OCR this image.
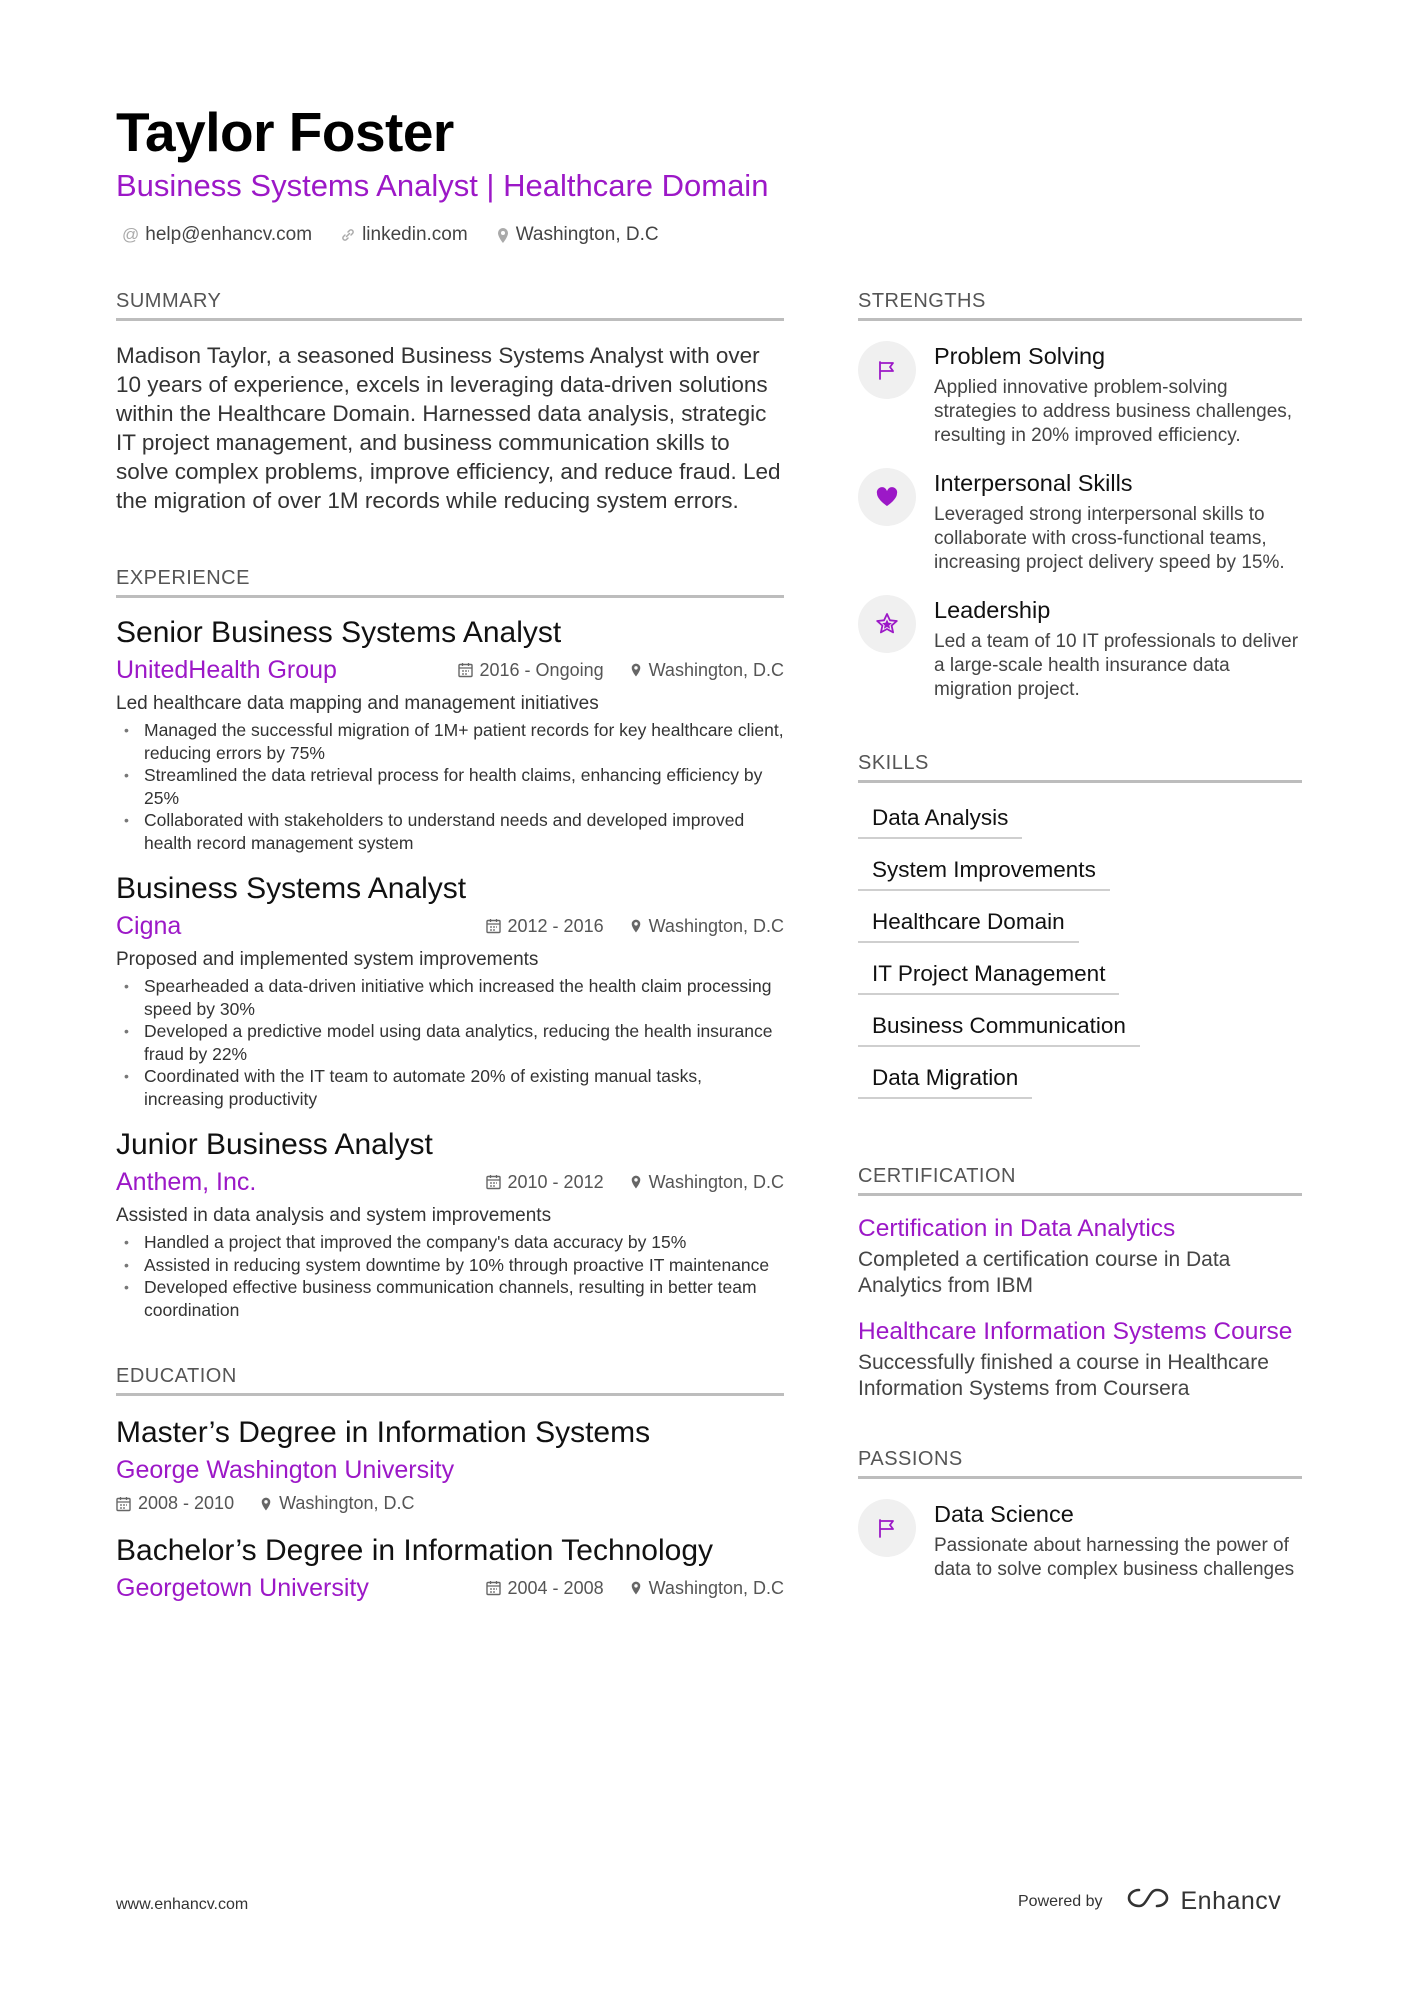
Taylor Foster
Business Systems Analyst | Healthcare Domain
@ help@enhancv.com	linkedin.com	Washington, D.C
SUMMARY
Madison Taylor, a seasoned Business Systems Analyst with over 10 years of experience, excels in leveraging data-driven solutions within the Healthcare Domain. Harnessed data analysis, strategic IT project management, and business communication skills to solve complex problems, improve efficiency, and reduce fraud. Led the migration of over 1M records while reducing system errors.
EXPERIENCE
Senior Business Systems Analyst
UnitedHealth Group	2016 - Ongoing	Washington, D.C
Led healthcare data mapping and management initiatives
• Managed the successful migration of 1M+ patient records for key healthcare client, reducing errors by 75%
• Streamlined the data retrieval process for health claims, enhancing efficiency by 25%
• Collaborated with stakeholders to understand needs and developed improved health record management system
Business Systems Analyst
Cigna	2012 - 2016	Washington, D.C
Proposed and implemented system improvements
• Spearheaded a data-driven initiative which increased the health claim processing speed by 30%
• Developed a predictive model using data analytics, reducing the health insurance fraud by 22%
• Coordinated with the IT team to automate 20% of existing manual tasks, increasing productivity
Junior Business Analyst
Anthem, Inc.	2010 - 2012	Washington, D.C
Assisted in data analysis and system improvements
• Handled a project that improved the company's data accuracy by 15%
• Assisted in reducing system downtime by 10% through proactive IT maintenance
• Developed effective business communication channels, resulting in better team coordination
EDUCATION
Master’s Degree in Information Systems
George Washington University
2008 - 2010	Washington, D.C
Bachelor’s Degree in Information Technology
Georgetown University	2004 - 2008	Washington, D.C
STRENGTHS
Problem Solving
Applied innovative problem-solving strategies to address business challenges, resulting in 20% improved efficiency.
Interpersonal Skills
Leveraged strong interpersonal skills to collaborate with cross-functional teams, increasing project delivery speed by 15%.
Leadership
Led a team of 10 IT professionals to deliver a large-scale health insurance data migration project.
SKILLS
Data Analysis
System Improvements
Healthcare Domain
IT Project Management
Business Communication
Data Migration
CERTIFICATION
Certification in Data Analytics
Completed a certification course in Data Analytics from IBM
Healthcare Information Systems Course
Successfully finished a course in Healthcare Information Systems from Coursera
PASSIONS
Data Science
Passionate about harnessing the power of data to solve complex business challenges
www.enhancv.com	Powered by	Enhancv
